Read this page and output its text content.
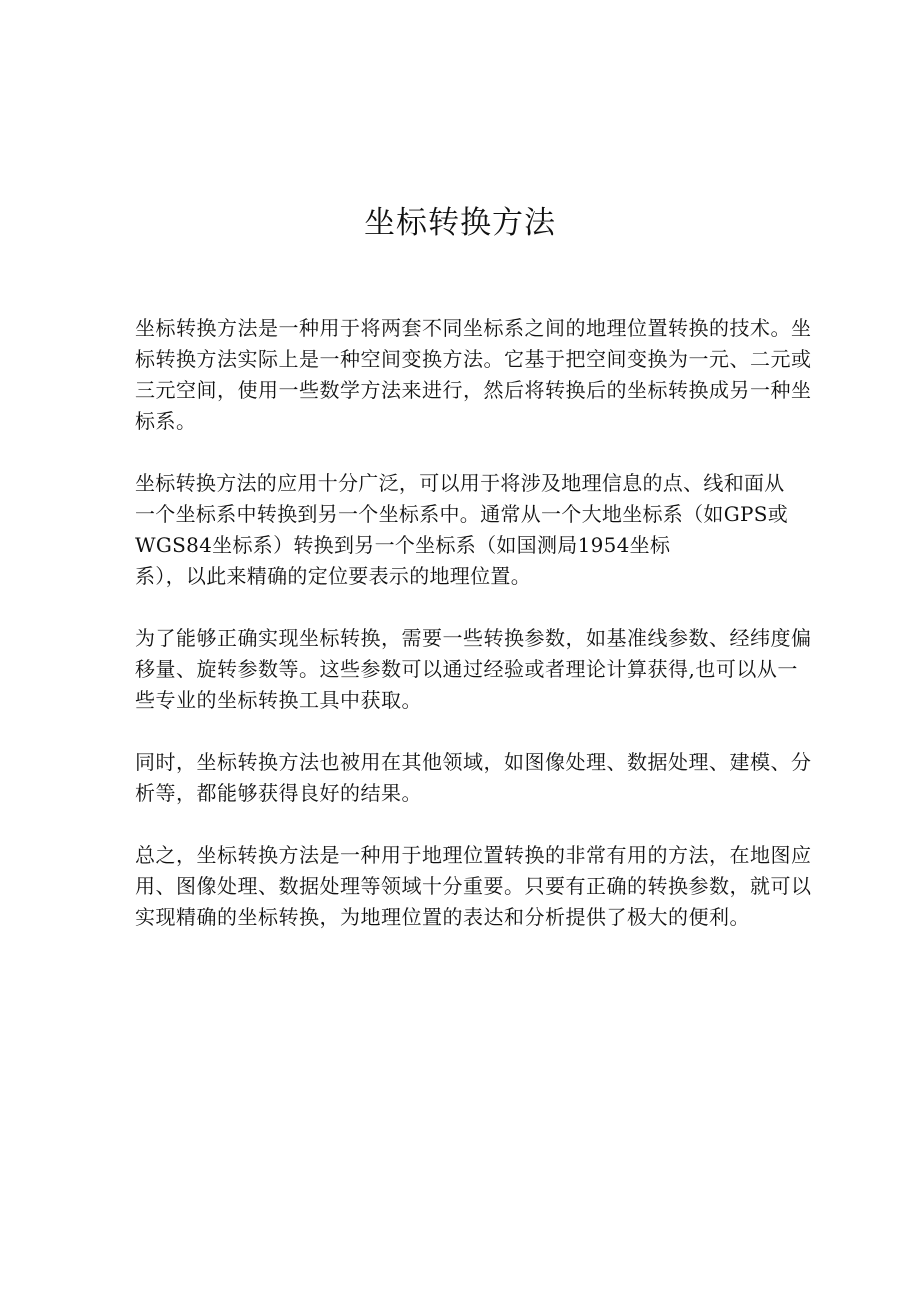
坐标转换方法

坐标转换方法是一种用于将两套不同坐标系之间的地理位置转换的技术。坐
标转换方法实际上是一种空间变换方法。它基于把空间变换为一元、二元或
三元空间，使用一些数学方法来进行，然后将转换后的坐标转换成另一种坐
标系。

坐标转换方法的应用十分广泛，可以用于将涉及地理信息的点、线和面从
一个坐标系中转换到另一个坐标系中。通常从一个大地坐标系（如GPS或
WGS84坐标系）转换到另一个坐标系（如国测局1954坐标
系），以此来精确的定位要表示的地理位置。

为了能够正确实现坐标转换，需要一些转换参数，如基准线参数、经纬度偏
移量、旋转参数等。这些参数可以通过经验或者理论计算获得,也可以从一
些专业的坐标转换工具中获取。

同时，坐标转换方法也被用在其他领域，如图像处理、数据处理、建模、分
析等，都能够获得良好的结果。

总之，坐标转换方法是一种用于地理位置转换的非常有用的方法，在地图应
用、图像处理、数据处理等领域十分重要。只要有正确的转换参数，就可以
实现精确的坐标转换，为地理位置的表达和分析提供了极大的便利。
